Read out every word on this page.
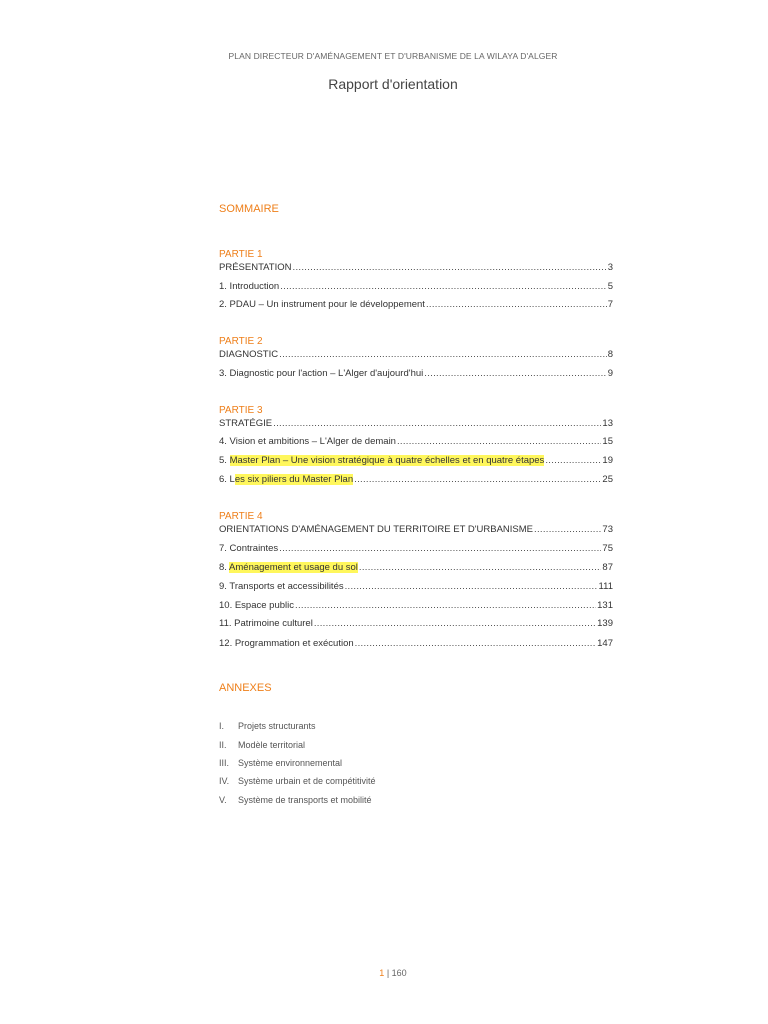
PLAN DIRECTEUR D'AMÉNAGEMENT ET D'URBANISME DE LA WILAYA D'ALGER
Rapport d'orientation
SOMMAIRE
PARTIE 1
PRÉSENTATION .....	3
1. Introduction .....	5
2. PDAU – Un instrument pour le développement .....	7
PARTIE 2
DIAGNOSTIC .....	8
3. Diagnostic pour l'action – L'Alger d'aujourd'hui .....	9
PARTIE 3
STRATÉGIE .....	13
4. Vision et ambitions – L'Alger de demain .....	15
5. Master Plan – Une vision stratégique à quatre échelles et en quatre étapes .....	19
6. Les six piliers du Master Plan .....	25
PARTIE 4
ORIENTATIONS D'AMÉNAGEMENT DU TERRITOIRE ET D'URBANISME .....	73
7. Contraintes .....	75
8. Aménagement et usage du sol .....	87
9. Transports et accessibilités .....	111
10. Espace public .....	131
11. Patrimoine culturel .....	139
12. Programmation et exécution .....	147
ANNEXES
I. Projets structurants
II. Modèle territorial
III. Système environnemental
IV. Système urbain et de compétitivité
V. Système de transports et mobilité
1 | 160
